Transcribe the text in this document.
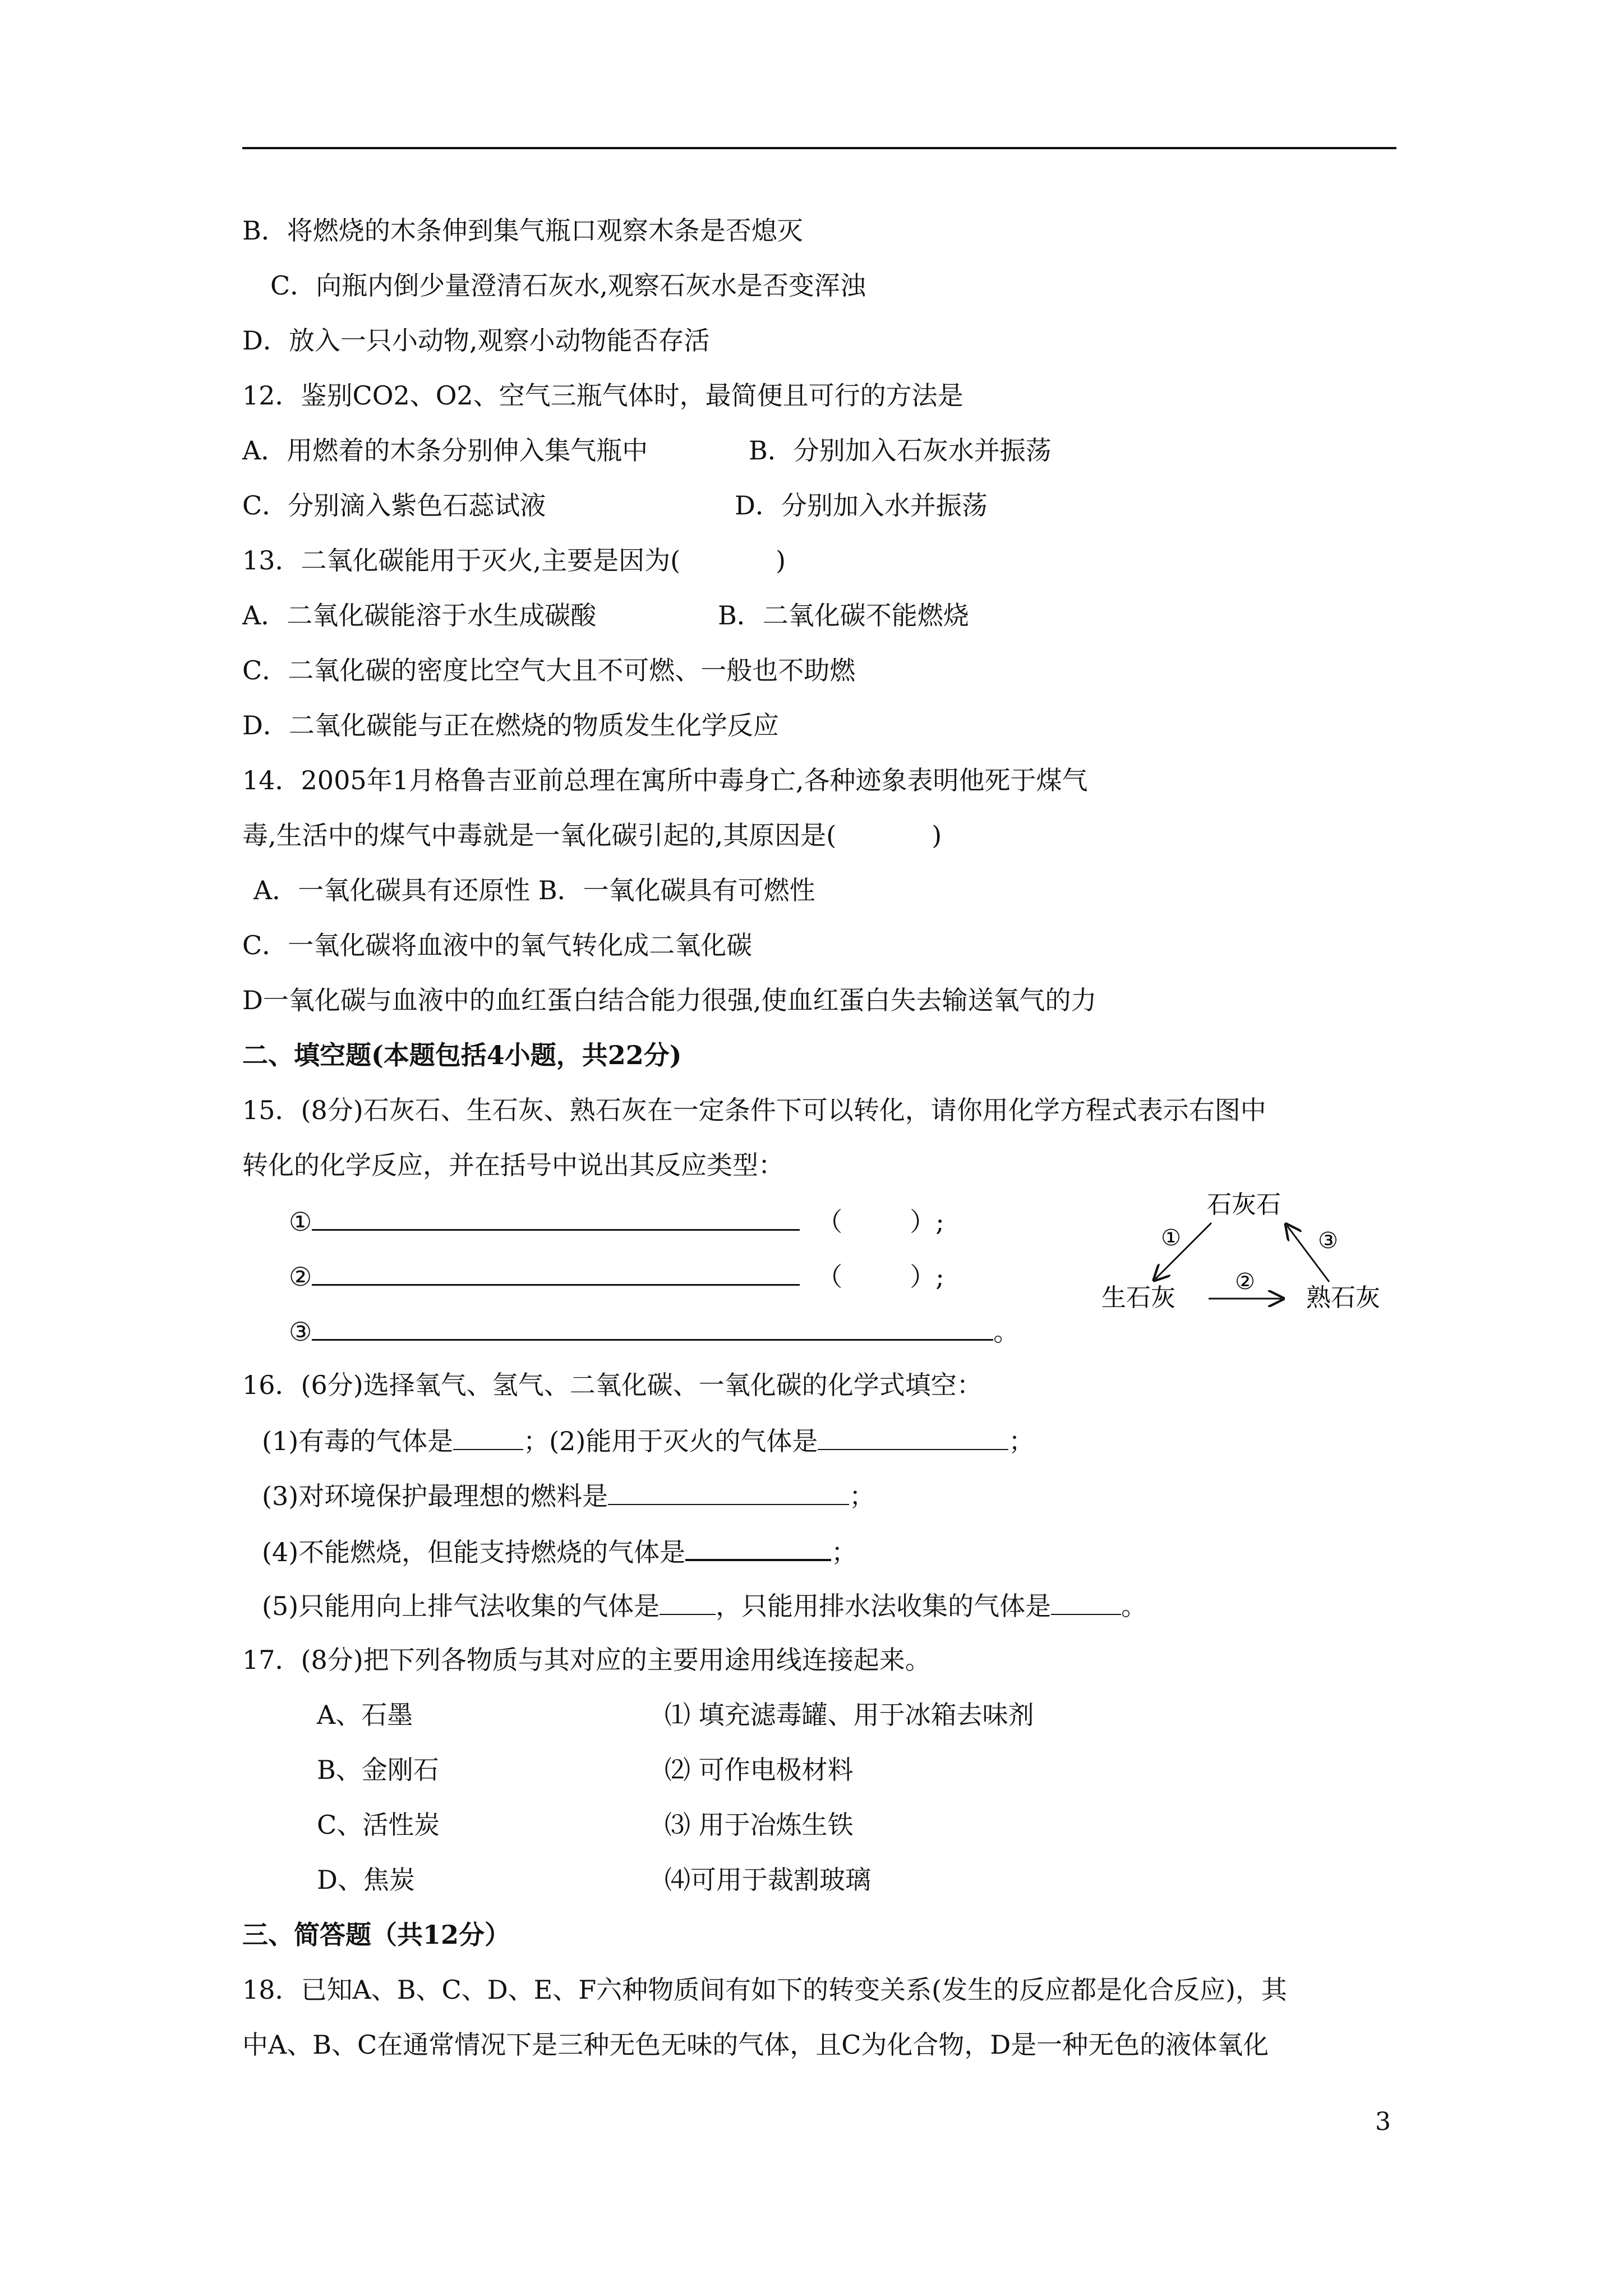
B．将燃烧的木条伸到集气瓶口观察木条是否熄灭
C．向瓶内倒少量澄清石灰水,观察石灰水是否变浑浊
D．放入一只小动物,观察小动物能否存活
12．鉴别CO2、O2、空气三瓶气体时，最简便且可行的方法是
A．用燃着的木条分别伸入集气瓶中	B．分别加入石灰水并振荡
C．分别滴入紫色石蕊试液	D．分别加入水并振荡
13．二氧化碳能用于灭火,主要是因为(	)
A．二氧化碳能溶于水生成碳酸	B．二氧化碳不能燃烧
C．二氧化碳的密度比空气大且不可燃、一般也不助燃
D．二氧化碳能与正在燃烧的物质发生化学反应
14．2005年1月格鲁吉亚前总理在寓所中毒身亡,各种迹象表明他死于煤气
毒,生活中的煤气中毒就是一氧化碳引起的,其原因是(	)
A．一氧化碳具有还原性 B．一氧化碳具有可燃性
C．一氧化碳将血液中的氧气转化成二氧化碳
D一氧化碳与血液中的血红蛋白结合能力很强,使血红蛋白失去输送氧气的力
二、填空题(本题包括4小题，共22分)
15．(8分)石灰石、生石灰、熟石灰在一定条件下可以转化，请你用化学方程式表示右图中
转化的化学反应，并在括号中说出其反应类型：
①	（	）;
②	（	）;
③	。
石灰石
生石灰	熟石灰
①
②
③
16．(6分)选择氧气、氢气、二氧化碳、一氧化碳的化学式填空：
(1)有毒的气体是	；(2)能用于灭火的气体是	；
(3)对环境保护最理想的燃料是	；
(4)不能燃烧，但能支持燃烧的气体是	；
(5)只能用向上排气法收集的气体是 ，只能用排水法收集的气体是	。
17．(8分)把下列各物质与其对应的主要用途用线连接起来。
A、石墨	⑴ 填充滤毒罐、用于冰箱去味剂
B、金刚石	⑵ 可作电极材料
C、活性炭	⑶ 用于冶炼生铁
D、焦炭	⑷可用于裁割玻璃
三、简答题（共12分）
18．已知A、B、C、D、E、F六种物质间有如下的转变关系(发生的反应都是化合反应)，其
中A、B、C在通常情况下是三种无色无味的气体，且C为化合物，D是一种无色的液体氧化
3
